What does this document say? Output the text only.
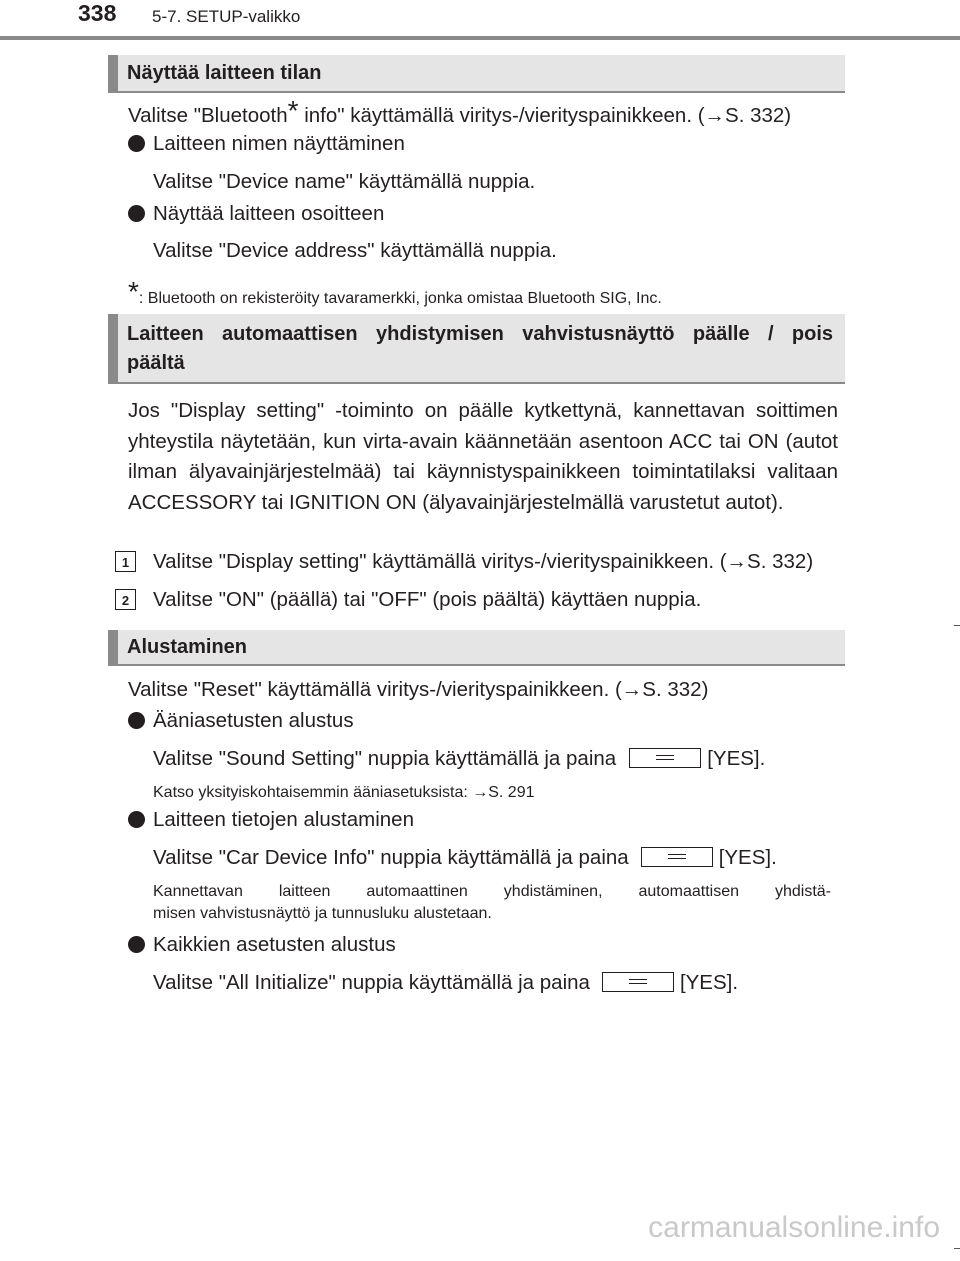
338 5-7. SETUP-valikko
Näyttää laitteen tilan
Valitse "Bluetooth* info" käyttämällä viritys-/vierityspainikkeen. (→S. 332)
Laitteen nimen näyttäminen
Valitse "Device name" käyttämällä nuppia.
Näyttää laitteen osoitteen
Valitse "Device address" käyttämällä nuppia.
*: Bluetooth on rekisteröity tavaramerkki, jonka omistaa Bluetooth SIG, Inc.
Laitteen automaattisen yhdistymisen vahvistusnäyttö päälle / pois
päältä
Jos "Display setting" -toiminto on päälle kytkettynä, kannettavan soittimen yhteystila näytetään, kun virta-avain käännetään asentoon ACC tai ON (autot ilman älyavainjärjestelmää) tai käynnistyspainikkeen toimintatilaksi valitaan ACCESSORY tai IGNITION ON (älyavainjärjestelmällä varustetut autot).
1	Valitse "Display setting" käyttämällä viritys-/vierityspainikkeen. (→S. 332)
2	Valitse "ON" (päällä) tai "OFF" (pois päältä) käyttäen nuppia.
Alustaminen
Valitse "Reset" käyttämällä viritys-/vierityspainikkeen. (→S. 332)
Ääniasetusten alustus
Valitse "Sound Setting" nuppia käyttämällä ja paina	[YES].
Katso yksityiskohtaisemmin ääniasetuksista: →S. 291
Laitteen tietojen alustaminen
Valitse "Car Device Info" nuppia käyttämällä ja paina	[YES].
Kannettavan laitteen automaattinen yhdistäminen, automaattisen yhdistä-
misen vahvistusnäyttö ja tunnusluku alustetaan.
Kaikkien asetusten alustus
Valitse "All Initialize" nuppia käyttämällä ja paina	[YES].
carmanualsonline.info
